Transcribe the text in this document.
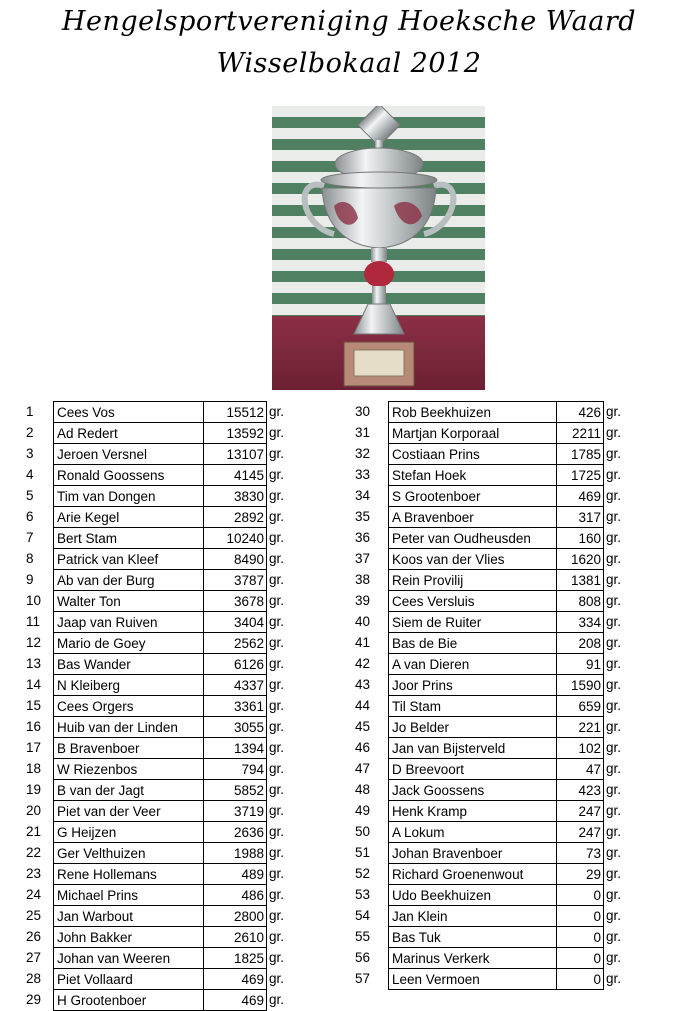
Hengelsportvereniging Hoeksche Waard
Wisselbokaal 2012
1	Cees Vos	15512 gr.
2	Ad Redert	13592 gr.
3	Jeroen Versnel	13107 gr.
4	Ronald Goossens	4145 gr.
5	Tim van Dongen	3830 gr.
6	Arie Kegel	2892 gr.
7	Bert Stam	10240 gr.
8	Patrick van Kleef	8490 gr.
9	Ab van der Burg	3787 gr.
10	Walter Ton	3678 gr.
11	Jaap van Ruiven	3404 gr.
12	Mario de Goey	2562 gr.
13	Bas Wander	6126 gr.
14	N Kleiberg	4337 gr.
15	Cees Orgers	3361 gr.
16	Huib van der Linden	3055 gr.
17	B Bravenboer	1394 gr.
18	W Riezenbos	794 gr.
19	B van der Jagt	5852 gr.
20	Piet van der Veer	3719 gr.
21	G Heijzen	2636 gr.
22	Ger Velthuizen	1988 gr.
23	Rene Hollemans	489 gr.
24	Michael Prins	486 gr.
25	Jan Warbout	2800 gr.
26	John Bakker	2610 gr.
27	Johan van Weeren	1825 gr.
28	Piet Vollaard	469 gr.
29	H Grootenboer	469 gr.
30	Rob Beekhuizen	426 gr.
31	Martjan Korporaal	2211 gr.
32	Costiaan Prins	1785 gr.
33	Stefan Hoek	1725 gr.
34	S Grootenboer	469 gr.
35	A Bravenboer	317 gr.
36	Peter van Oudheusden	160 gr.
37	Koos van der Vlies	1620 gr.
38	Rein Provilij	1381 gr.
39	Cees Versluis	808 gr.
40	Siem de Ruiter	334 gr.
41	Bas de Bie	208 gr.
42	A van Dieren	91 gr.
43	Joor Prins	1590 gr.
44	Til Stam	659 gr.
45	Jo Belder	221 gr.
46	Jan van Bijsterveld	102 gr.
47	D Breevoort	47 gr.
48	Jack Goossens	423 gr.
49	Henk Kramp	247 gr.
50	A Lokum	247 gr.
51	Johan Bravenboer	73 gr.
52	Richard Groenenwout	29 gr.
53	Udo Beekhuizen	0 gr.
54	Jan Klein	0 gr.
55	Bas Tuk	0 gr.
56	Marinus Verkerk	0 gr.
57	Leen Vermoen	0 gr.
